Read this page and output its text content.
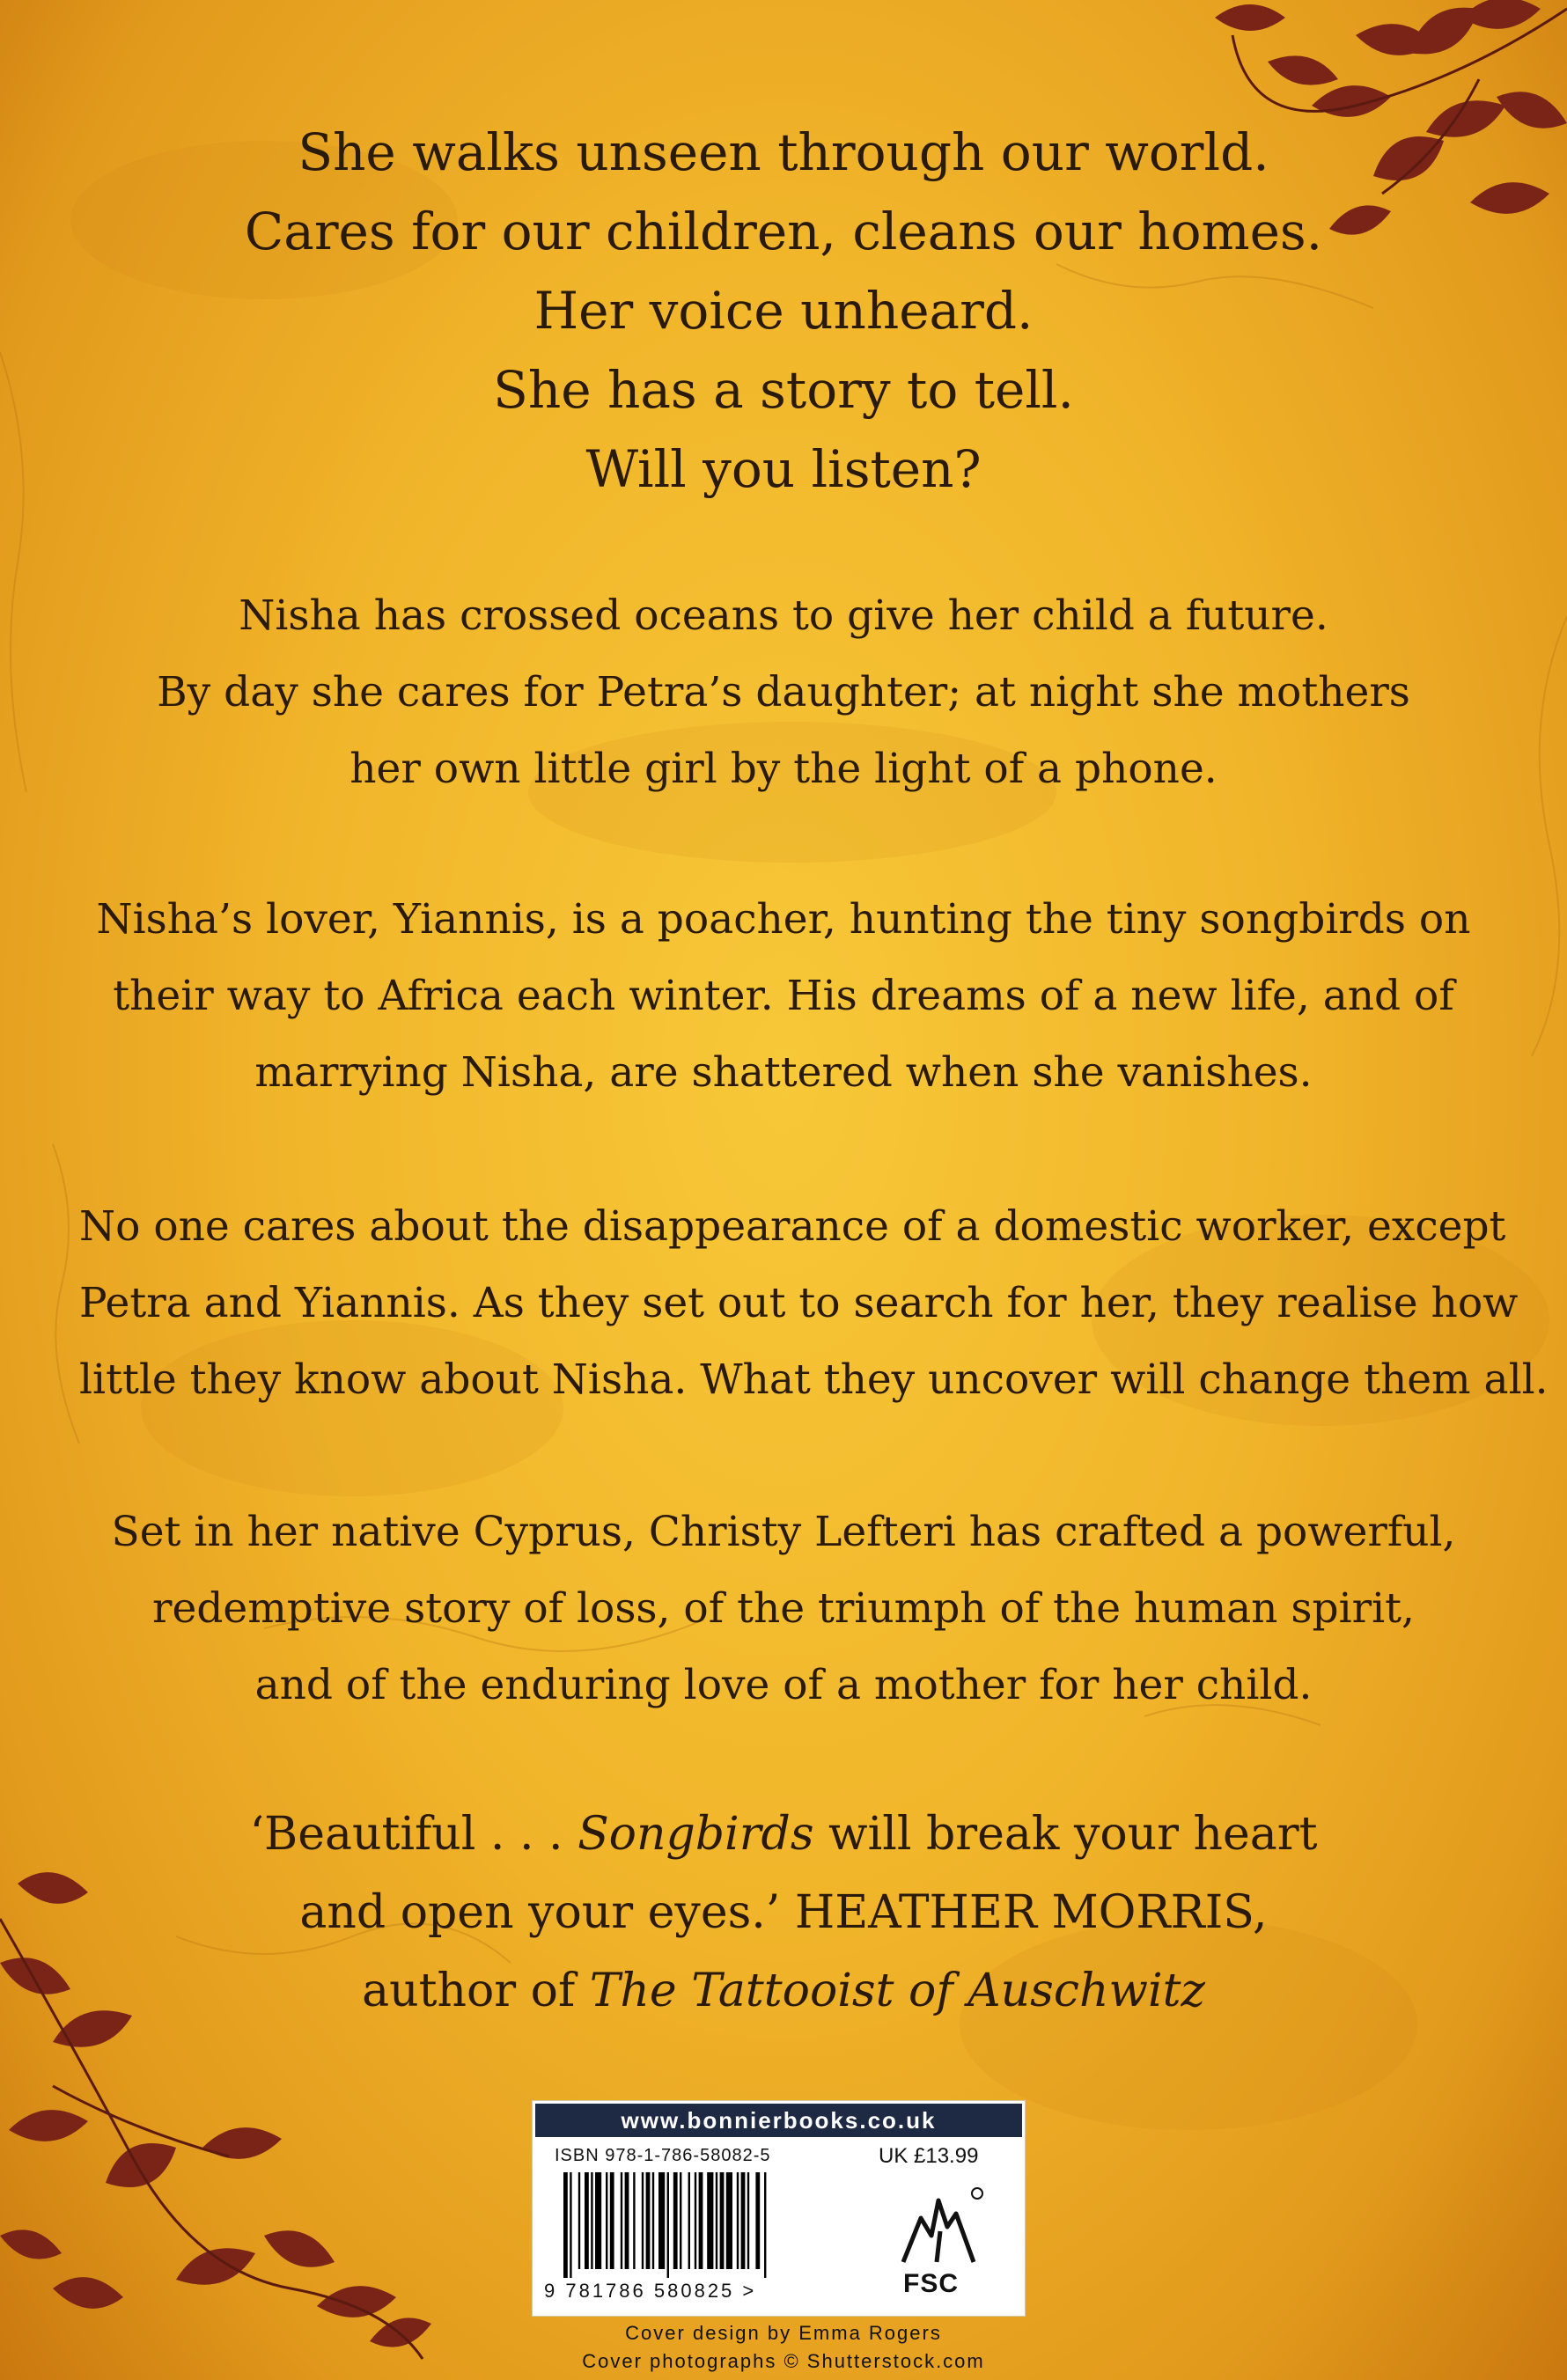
She walks unseen through our world.
Cares for our children, cleans our homes.
Her voice unheard.
She has a story to tell.
Will you listen?
Nisha has crossed oceans to give her child a future.
By day she cares for Petra’s daughter; at night she mothers
her own little girl by the light of a phone.
Nisha’s lover, Yiannis, is a poacher, hunting the tiny songbirds on
their way to Africa each winter. His dreams of a new life, and of
marrying Nisha, are shattered when she vanishes.
No one cares about the disappearance of a domestic worker, except
Petra and Yiannis. As they set out to search for her, they realise how
little they know about Nisha. What they uncover will change them all.
Set in her native Cyprus, Christy Lefteri has crafted a powerful,
redemptive story of loss, of the triumph of the human spirit,
and of the enduring love of a mother for her child.
‘Beautiful . . . Songbirds will break your heart
and open your eyes.’ HEATHER MORRIS,
author of The Tattooist of Auschwitz
www.bonnierbooks.co.uk
ISBN 978-1-786-58082-5	UK £13.99
9 781786 580825 >	FSC
Cover design by Emma Rogers
Cover photographs © Shutterstock.com
